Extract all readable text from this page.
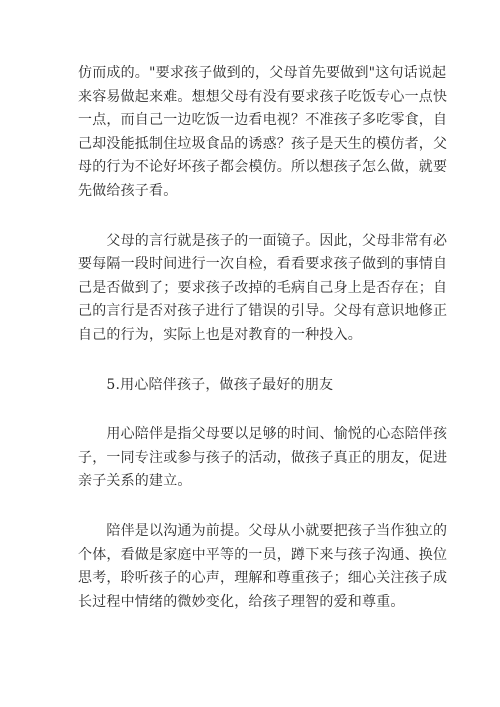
仿而成的。"要求孩子做到的，父母首先要做到"这句话说起
来容易做起来难。想想父母有没有要求孩子吃饭专心一点快
一点，而自己一边吃饭一边看电视？不准孩子多吃零食，自
己却没能抵制住垃圾食品的诱惑？孩子是天生的模仿者，父
母的行为不论好坏孩子都会模仿。所以想孩子怎么做，就要
先做给孩子看。

　　父母的言行就是孩子的一面镜子。因此，父母非常有必
要每隔一段时间进行一次自检，看看要求孩子做到的事情自
己是否做到了；要求孩子改掉的毛病自己身上是否存在；自
己的言行是否对孩子进行了错误的引导。父母有意识地修正
自己的行为，实际上也是对教育的一种投入。

　　5.用心陪伴孩子，做孩子最好的朋友

　　用心陪伴是指父母要以足够的时间、愉悦的心态陪伴孩
子，一同专注或参与孩子的活动，做孩子真正的朋友，促进
亲子关系的建立。

　　陪伴是以沟通为前提。父母从小就要把孩子当作独立的
个体，看做是家庭中平等的一员，蹲下来与孩子沟通、换位
思考，聆听孩子的心声，理解和尊重孩子；细心关注孩子成
长过程中情绪的微妙变化，给孩子理智的爱和尊重。
